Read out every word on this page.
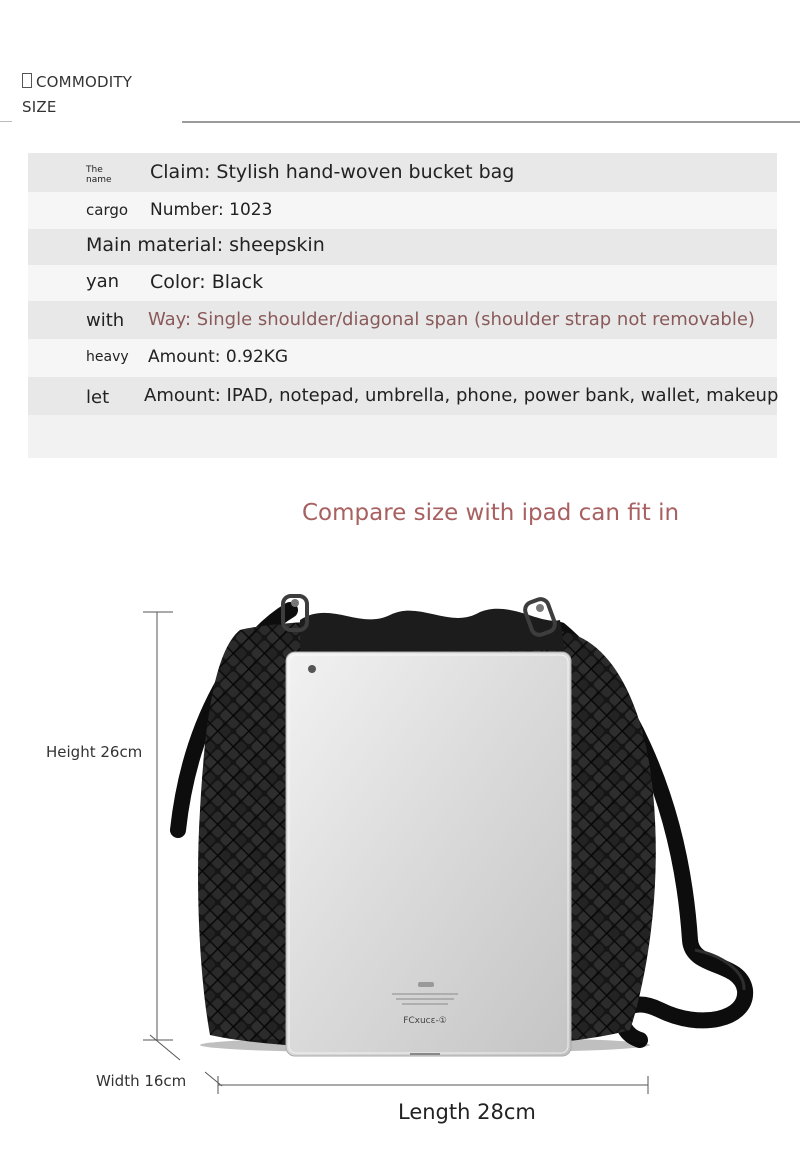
COMMODITY
SIZE
The name Claim: Stylish hand-woven bucket bag
cargo Number: 1023
Main material: sheepskin
yan Color: Black
with Way: Single shoulder/diagonal span (shoulder strap not removable)
heavy Amount: 0.92KG
let Amount: IPAD, notepad, umbrella, phone, power bank, wallet, makeup
Compare size with ipad can fit in
FCxucɛ-①
Height 26cm
Width 16cm
Length 28cm
